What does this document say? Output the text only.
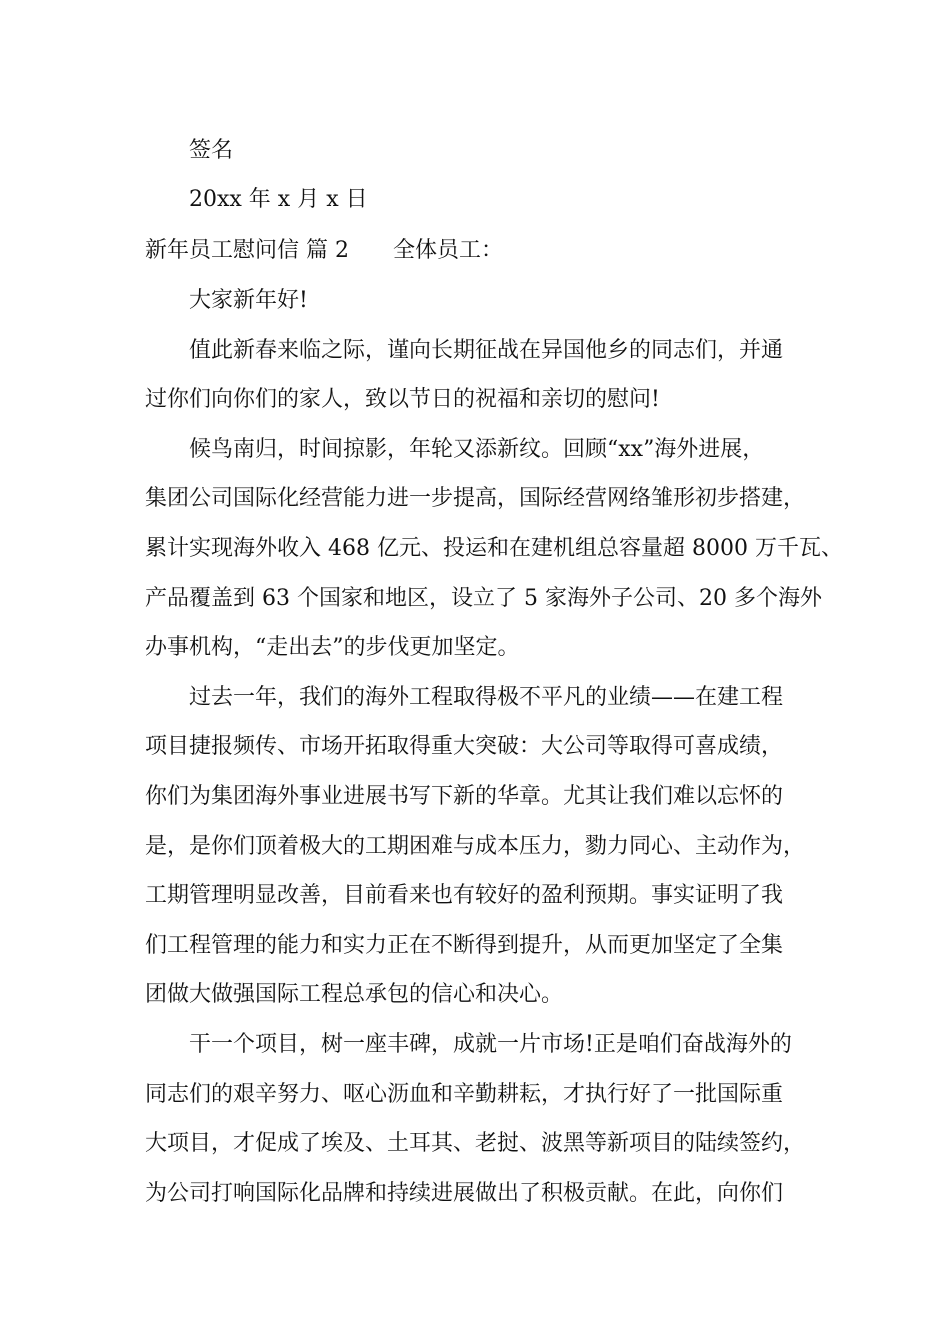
签名
20xx 年 x 月 x 日
新年员工慰问信 篇 2 全体员工：
大家新年好!
值此新春来临之际，谨向长期征战在异国他乡的同志们，并通
过你们向你们的家人，致以节日的祝福和亲切的慰问!
候鸟南归，时间掠影，年轮又添新纹。回顾“xx”海外进展，
集团公司国际化经营能力进一步提高，国际经营网络雏形初步搭建，
累计实现海外收入 468 亿元、投运和在建机组总容量超 8000 万千瓦、
产品覆盖到 63 个国家和地区，设立了 5 家海外子公司、20 多个海外
办事机构，“走出去”的步伐更加坚定。
过去一年，我们的海外工程取得极不平凡的业绩——在建工程
项目捷报频传、市场开拓取得重大突破：大公司等取得可喜成绩，
你们为集团海外事业进展书写下新的华章。尤其让我们难以忘怀的
是，是你们顶着极大的工期困难与成本压力，勠力同心、主动作为，
工期管理明显改善，目前看来也有较好的盈利预期。事实证明了我
们工程管理的能力和实力正在不断得到提升，从而更加坚定了全集
团做大做强国际工程总承包的信心和决心。
干一个项目，树一座丰碑，成就一片市场!正是咱们奋战海外的
同志们的艰辛努力、呕心沥血和辛勤耕耘，才执行好了一批国际重
大项目，才促成了埃及、土耳其、老挝、波黑等新项目的陆续签约，
为公司打响国际化品牌和持续进展做出了积极贡献。在此，向你们
